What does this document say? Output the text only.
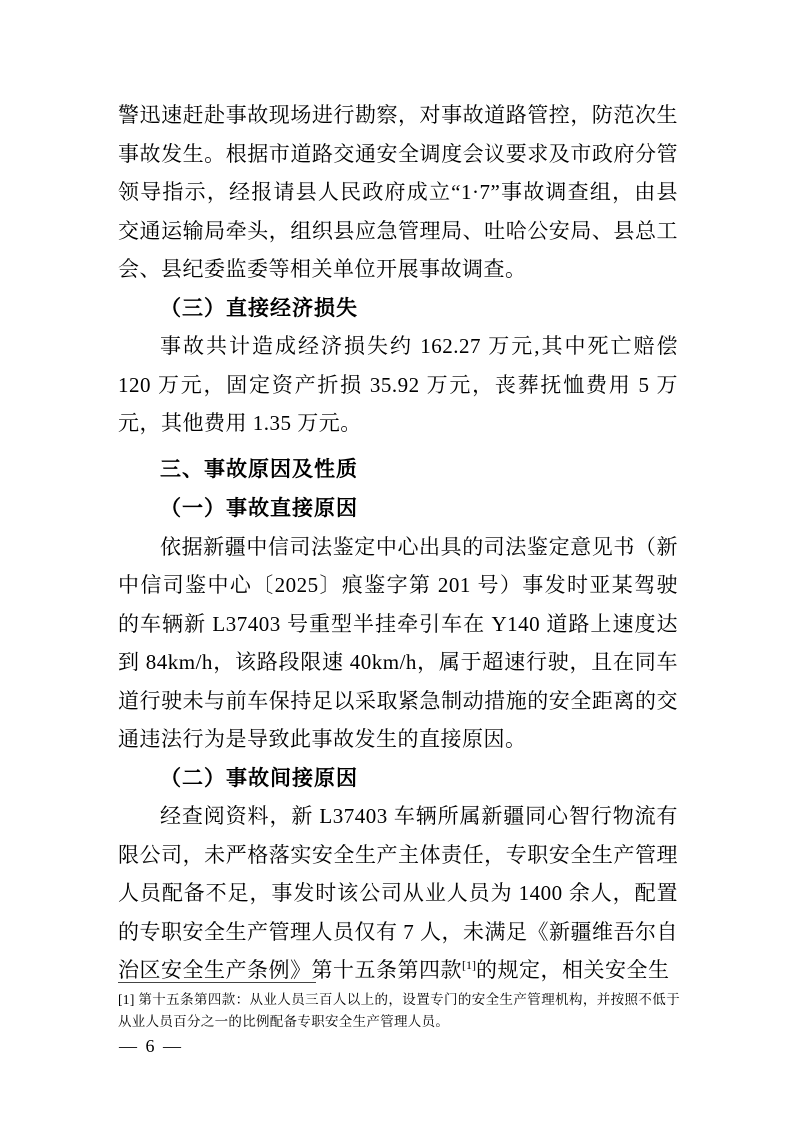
警迅速赶赴事故现场进行勘察，对事故道路管控，防范次生事故发生。根据市道路交通安全调度会议要求及市政府分管领导指示，经报请县人民政府成立“1·7”事故调查组，由县交通运输局牵头，组织县应急管理局、吐哈公安局、县总工会、县纪委监委等相关单位开展事故调查。

（三）直接经济损失

事故共计造成经济损失约 162.27 万元,其中死亡赔偿 120 万元，固定资产折损 35.92 万元，丧葬抚恤费用 5 万元，其他费用 1.35 万元。

三、事故原因及性质
（一）事故直接原因

依据新疆中信司法鉴定中心出具的司法鉴定意见书（新中信司鉴中心〔2025〕痕鉴字第 201 号）事发时亚某驾驶的车辆新 L37403 号重型半挂牵引车在 Y140 道路上速度达到 84km/h，该路段限速 40km/h，属于超速行驶，且在同车道行驶未与前车保持足以采取紧急制动措施的安全距离的交通违法行为是导致此事故发生的直接原因。

（二）事故间接原因

经查阅资料，新 L37403 车辆所属新疆同心智行物流有限公司，未严格落实安全生产主体责任，专职安全生产管理人员配备不足，事发时该公司从业人员为 1400 余人，配置的专职安全生产管理人员仅有 7 人，未满足《新疆维吾尔自治区安全生产条例》第十五条第四款[1]的规定，相关安全生

[1] 第十五条第四款：从业人员三百人以上的，设置专门的安全生产管理机构，并按照不低于从业人员百分之一的比例配备专职安全生产管理人员。

— 6 —
